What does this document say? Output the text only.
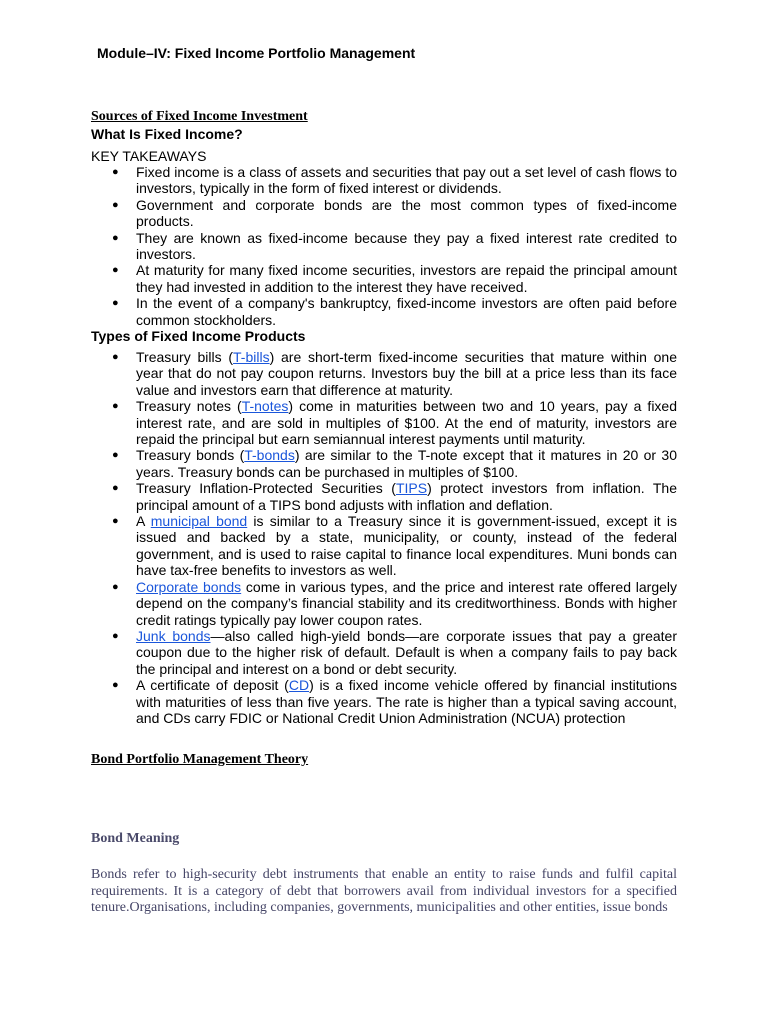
Module–IV: Fixed Income Portfolio Management
Sources of Fixed Income Investment
What Is Fixed Income?
KEY TAKEAWAYS
● Fixed income is a class of assets and securities that pay out a set level of cash flows to investors, typically in the form of fixed interest or dividends.
● Government and corporate bonds are the most common types of fixed-income products.
● They are known as fixed-income because they pay a fixed interest rate credited to investors.
● At maturity for many fixed income securities, investors are repaid the principal amount they had invested in addition to the interest they have received.
● In the event of a company's bankruptcy, fixed-income investors are often paid before common stockholders.
Types of Fixed Income Products
● Treasury bills (T-bills) are short-term fixed-income securities that mature within one year that do not pay coupon returns. Investors buy the bill at a price less than its face value and investors earn that difference at maturity.
● Treasury notes (T-notes) come in maturities between two and 10 years, pay a fixed interest rate, and are sold in multiples of $100. At the end of maturity, investors are repaid the principal but earn semiannual interest payments until maturity.
● Treasury bonds (T-bonds) are similar to the T-note except that it matures in 20 or 30 years. Treasury bonds can be purchased in multiples of $100.
● Treasury Inflation-Protected Securities (TIPS) protect investors from inflation. The principal amount of a TIPS bond adjusts with inflation and deflation.
● A municipal bond is similar to a Treasury since it is government-issued, except it is issued and backed by a state, municipality, or county, instead of the federal government, and is used to raise capital to finance local expenditures. Muni bonds can have tax-free benefits to investors as well.
● Corporate bonds come in various types, and the price and interest rate offered largely depend on the company’s financial stability and its creditworthiness. Bonds with higher credit ratings typically pay lower coupon rates.
● Junk bonds—also called high-yield bonds—are corporate issues that pay a greater coupon due to the higher risk of default. Default is when a company fails to pay back the principal and interest on a bond or debt security.
● A certificate of deposit (CD) is a fixed income vehicle offered by financial institutions with maturities of less than five years. The rate is higher than a typical saving account, and CDs carry FDIC or National Credit Union Administration (NCUA) protection
Bond Portfolio Management Theory
Bond Meaning
Bonds refer to high-security debt instruments that enable an entity to raise funds and fulfil capital requirements. It is a category of debt that borrowers avail from individual investors for a specified tenure.Organisations, including companies, governments, municipalities and other entities, issue bonds
